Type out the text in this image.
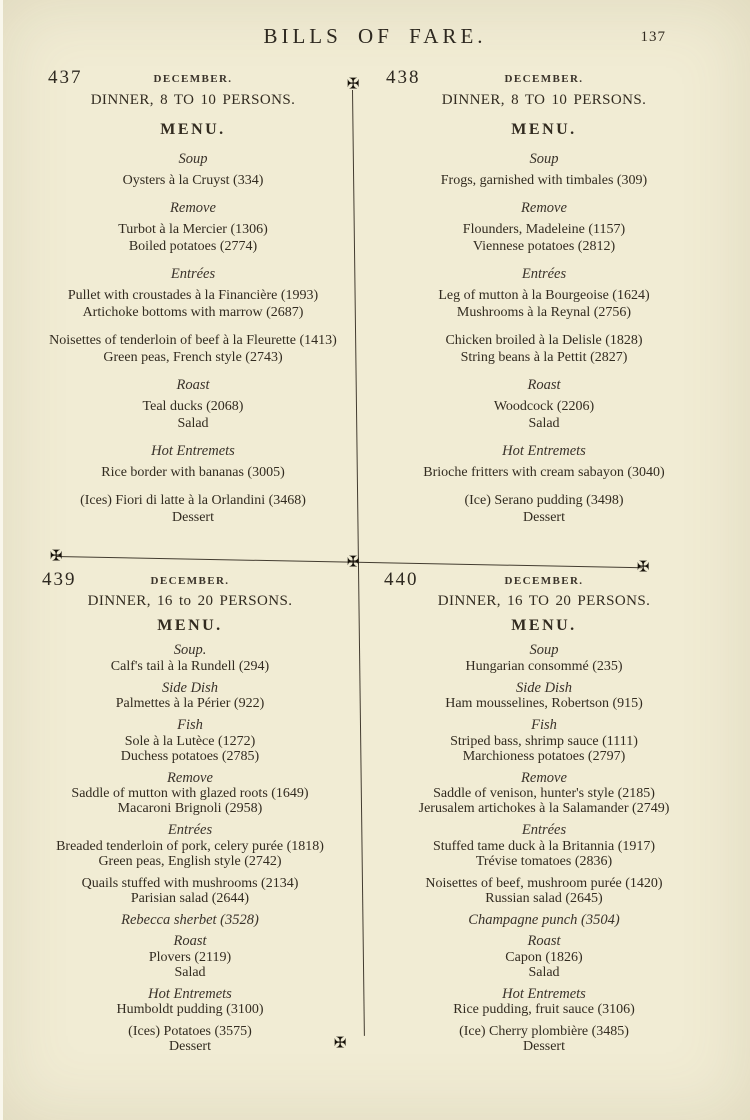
BILLS OF FARE.	137
437	DECEMBER.
DINNER, 8 TO 10 PERSONS.
MENU.
Soup
Oysters à la Cruyst (334)
Remove
Turbot à la Mercier (1306)
Boiled potatoes (2774)
Entrées
Pullet with croustades à la Financière (1993)
Artichoke bottoms with marrow (2687)
Noisettes of tenderloin of beef à la Fleurette (1413)
Green peas, French style (2743)
Roast
Teal ducks (2068)
Salad
Hot Entremets
Rice border with bananas (3005)
(Ices) Fiori di latte à la Orlandini (3468)
Dessert
438	DECEMBER.
DINNER, 8 TO 10 PERSONS.
MENU.
Soup
Frogs, garnished with timbales (309)
Remove
Flounders, Madeleine (1157)
Viennese potatoes (2812)
Entrées
Leg of mutton à la Bourgeoise (1624)
Mushrooms à la Reynal (2756)
Chicken broiled à la Delisle (1828)
String beans à la Pettit (2827)
Roast
Woodcock (2206)
Salad
Hot Entremets
Brioche fritters with cream sabayon (3040)
(Ice) Serano pudding (3498)
Dessert
439	DECEMBER.
DINNER, 16 to 20 PERSONS.
MENU.
Soup.
Calf's tail à la Rundell (294)
Side Dish
Palmettes à la Périer (922)
Fish
Sole à la Lutèce (1272)
Duchess potatoes (2785)
Remove
Saddle of mutton with glazed roots (1649)
Macaroni Brignoli (2958)
Entrées
Breaded tenderloin of pork, celery purée (1818)
Green peas, English style (2742)
Quails stuffed with mushrooms (2134)
Parisian salad (2644)
Rebecca sherbet (3528)
Roast
Plovers (2119)
Salad
Hot Entremets
Humboldt pudding (3100)
(Ices) Potatoes (3575)
Dessert
440	DECEMBER.
DINNER, 16 TO 20 PERSONS.
MENU.
Soup
Hungarian consommé (235)
Side Dish
Ham mousselines, Robertson (915)
Fish
Striped bass, shrimp sauce (1111)
Marchioness potatoes (2797)
Remove
Saddle of venison, hunter's style (2185)
Jerusalem artichokes à la Salamander (2749)
Entrées
Stuffed tame duck à la Britannia (1917)
Trévise tomatoes (2836)
Noisettes of beef, mushroom purée (1420)
Russian salad (2645)
Champagne punch (3504)
Roast
Capon (1826)
Salad
Hot Entremets
Rice pudding, fruit sauce (3106)
(Ice) Cherry plombière (3485)
Dessert
✠
✠
✠
✠
✠
